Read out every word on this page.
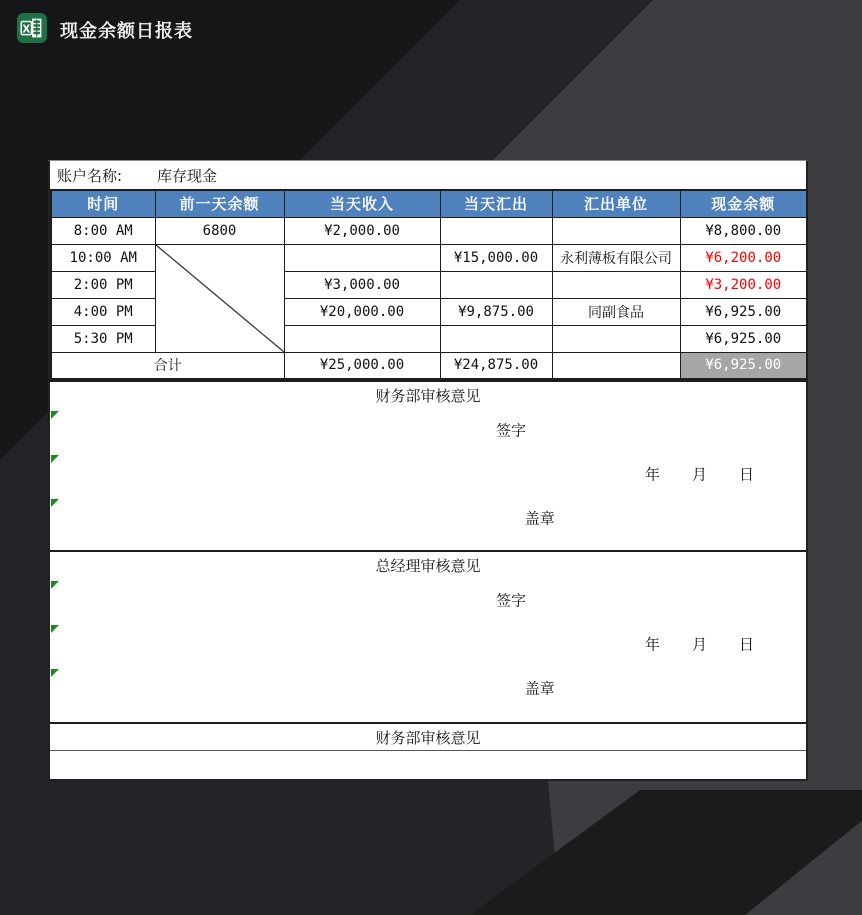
X 现金余额日报表
账户名称: 库存现金
时间	前一天余额	当天收入	当天汇出	汇出单位	现金余额
8:00 AM	6800	¥2,000.00			¥8,800.00
10:00 AM			¥15,000.00	永利薄板有限公司	¥6,200.00
2:00 PM		¥3,000.00			¥3,200.00
4:00 PM		¥20,000.00	¥9,875.00	同副食品	¥6,925.00
5:30 PM					¥6,925.00
合计		¥25,000.00	¥24,875.00		¥6,925.00
财务部审核意见
签字
年 月 日
盖章
总经理审核意见
签字
年 月 日
盖章
财务部审核意见
